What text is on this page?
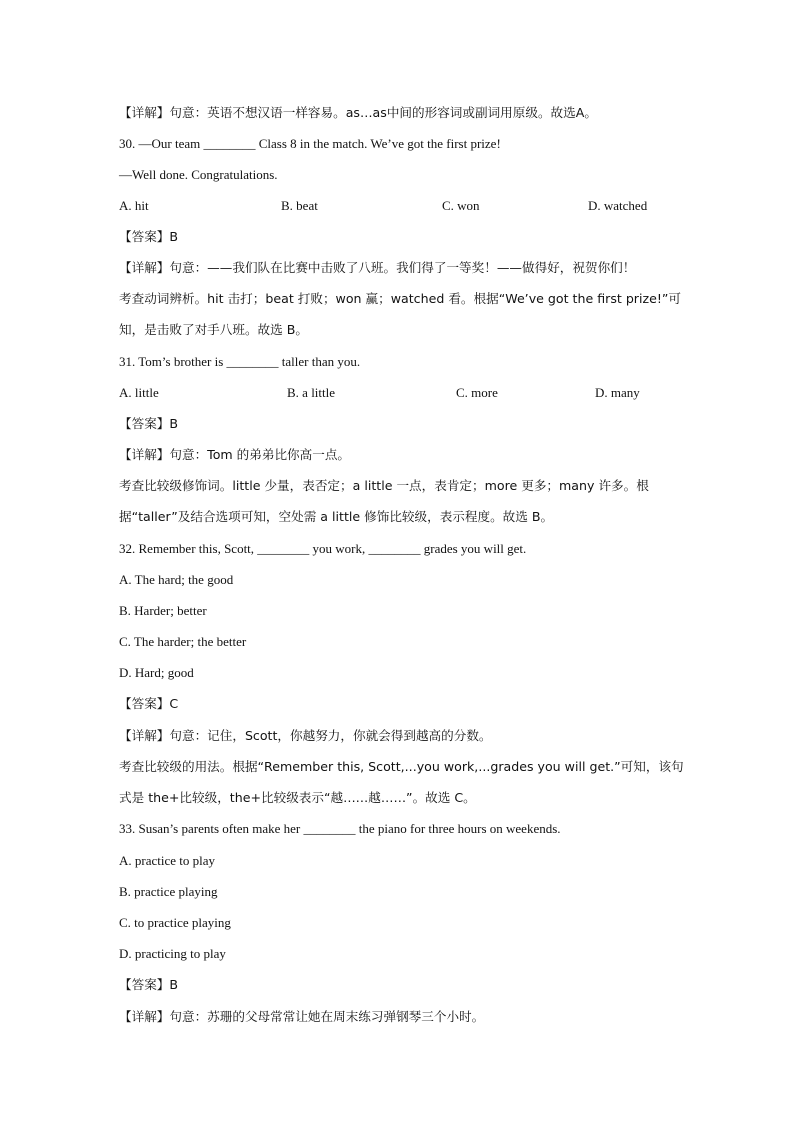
【详解】句意：英语不想汉语一样容易。as…as中间的形容词或副词用原级。故选A。
30. —Our team ________ Class 8 in the match. We’ve got the first prize!
—Well done. Congratulations.
A. hit	B. beat	C. won	D. watched
【答案】B
【详解】句意：——我们队在比赛中击败了八班。我们得了一等奖！——做得好，祝贺你们！
考查动词辨析。hit 击打；beat 打败；won 赢；watched 看。根据“We’ve got the first prize!”可
知，是击败了对手八班。故选 B。
31. Tom’s brother is ________ taller than you.
A. little	B. a little	C. more	D. many
【答案】B
【详解】句意：Tom 的弟弟比你高一点。
考查比较级修饰词。little 少量，表否定；a little 一点，表肯定；more 更多；many 许多。根
据“taller”及结合选项可知，空处需 a little 修饰比较级，表示程度。故选 B。
32. Remember this, Scott, ________ you work, ________ grades you will get.
A. The hard; the good
B. Harder; better
C. The harder; the better
D. Hard; good
【答案】C
【详解】句意：记住，Scott，你越努力，你就会得到越高的分数。
考查比较级的用法。根据“Remember this, Scott,...you work,...grades you will get.”可知，该句
式是 the+比较级，the+比较级表示“越……越……”。故选 C。
33. Susan’s parents often make her ________ the piano for three hours on weekends.
A. practice to play
B. practice playing
C. to practice playing
D. practicing to play
【答案】B
【详解】句意：苏珊的父母常常让她在周末练习弹钢琴三个小时。
